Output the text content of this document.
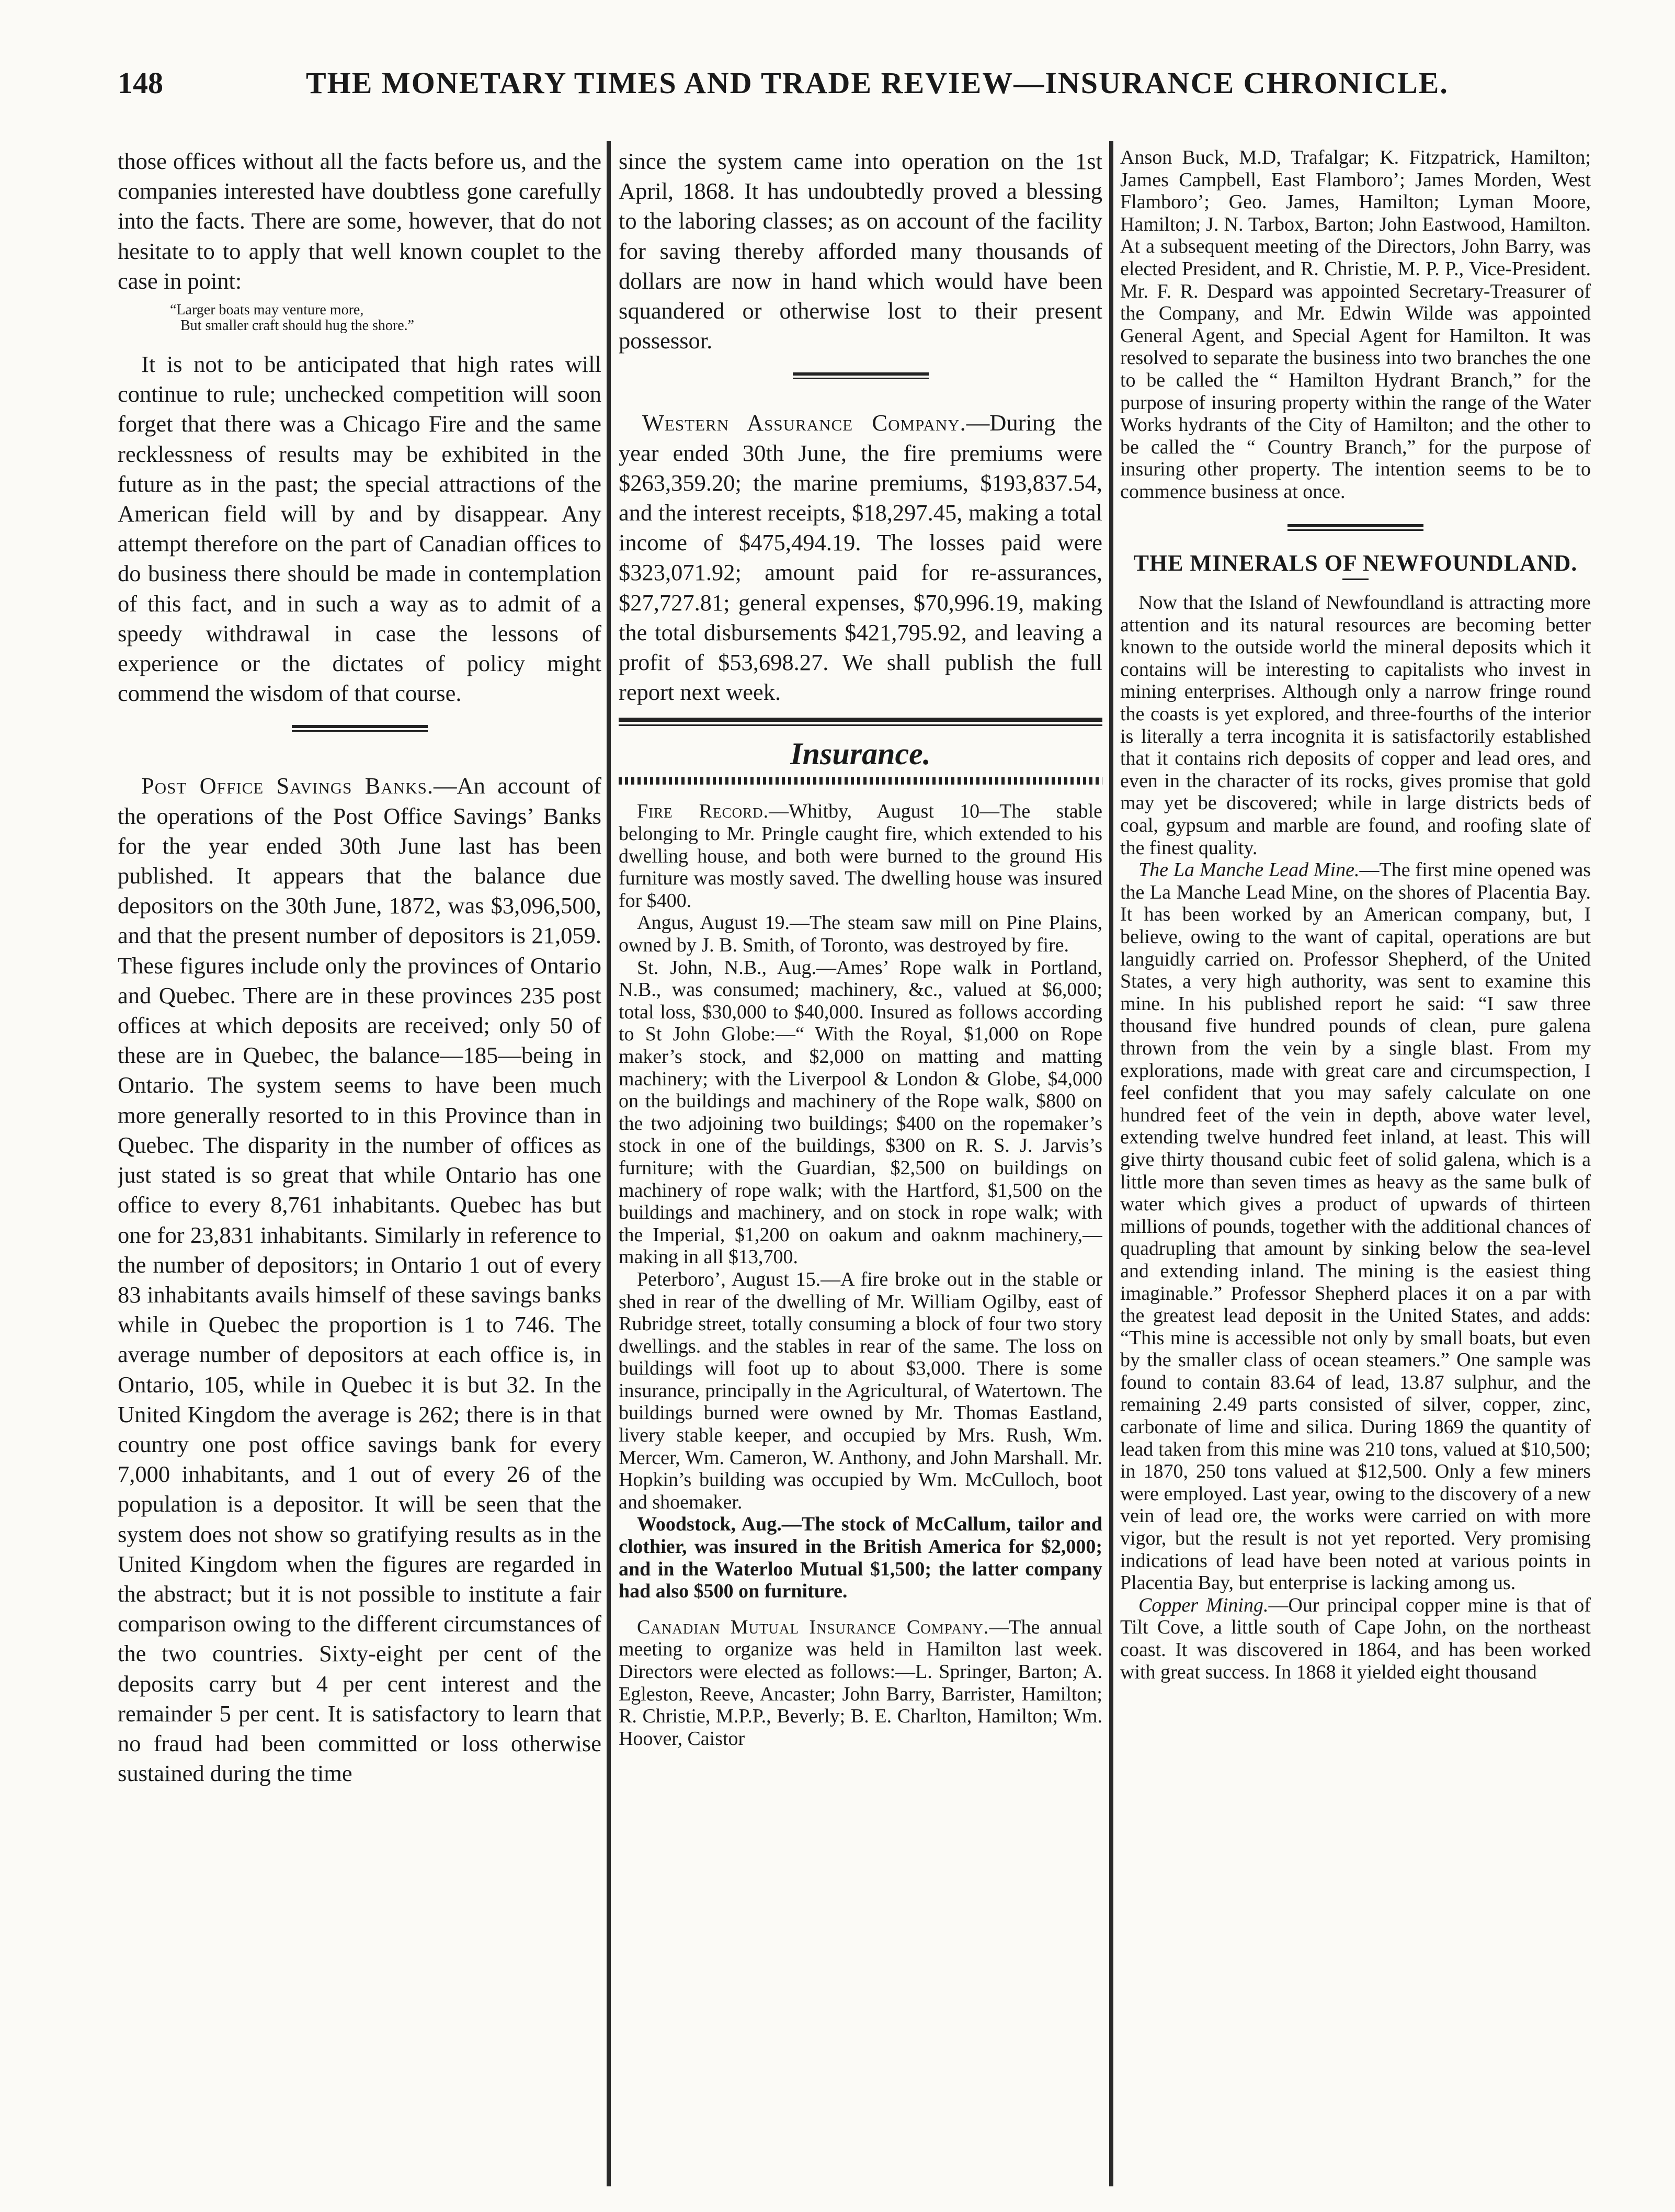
148	THE MONETARY TIMES AND TRADE REVIEW—INSURANCE CHRONICLE.

those offices without all the facts before us, and the companies interested have doubtless gone carefully into the facts. There are some, however, that do not hesitate to to apply that well known couplet to the case in point:

“Larger boats may venture more,
But smaller craft should hug the shore.”

It is not to be anticipated that high rates will continue to rule; unchecked competition will soon forget that there was a Chicago Fire and the same recklessness of results may be exhibited in the future as in the past; the special attractions of the American field will by and by disappear. Any attempt therefore on the part of Canadian offices to do business there should be made in contemplation of this fact, and in such a way as to admit of a speedy withdrawal in case the lessons of experience or the dictates of policy might commend the wisdom of that course.

Post Office Savings Banks.—An account of the operations of the Post Office Savings’ Banks for the year ended 30th June last has been published. It appears that the balance due depositors on the 30th June, 1872, was $3,096,500, and that the present number of depositors is 21,059. These figures include only the provinces of Ontario and Quebec. There are in these provinces 235 post offices at which deposits are received; only 50 of these are in Quebec, the balance—185—being in Ontario. The system seems to have been much more generally resorted to in this Province than in Quebec. The disparity in the number of offices as just stated is so great that while Ontario has one office to every 8,761 inhabitants. Quebec has but one for 23,831 inhabitants. Similarly in reference to the number of depositors; in Ontario 1 out of every 83 inhabitants avails himself of these savings banks while in Quebec the proportion is 1 to 746. The average number of depositors at each office is, in Ontario, 105, while in Quebec it is but 32. In the United Kingdom the average is 262; there is in that country one post office savings bank for every 7,000 inhabitants, and 1 out of every 26 of the population is a depositor. It will be seen that the system does not show so gratifying results as in the United Kingdom when the figures are regarded in the abstract; but it is not possible to institute a fair comparison owing to the different circumstances of the two countries. Sixty-eight per cent of the deposits carry but 4 per cent interest and the remainder 5 per cent. It is satisfactory to learn that no fraud had been committed or loss otherwise sustained during the time

since the system came into operation on the 1st April, 1868. It has undoubtedly proved a blessing to the laboring classes; as on account of the facility for saving thereby afforded many thousands of dollars are now in hand which would have been squandered or otherwise lost to their present possessor.

Western Assurance Company.—During the year ended 30th June, the fire premiums were $263,359.20; the marine premiums, $193,837.54, and the interest receipts, $18,297.45, making a total income of $475,494.19. The losses paid were $323,071.92; amount paid for re-assurances, $27,727.81; general expenses, $70,996.19, making the total disbursements $421,795.92, and leaving a profit of $53,698.27. We shall publish the full report next week.

Insurance.

Fire Record.—Whitby, August 10—The stable belonging to Mr. Pringle caught fire, which extended to his dwelling house, and both were burned to the ground His furniture was mostly saved. The dwelling house was insured for $400.

Angus, August 19.—The steam saw mill on Pine Plains, owned by J. B. Smith, of Toronto, was destroyed by fire.

St. John, N.B., Aug.—Ames’ Rope walk in Portland, N.B., was consumed; machinery, &c., valued at $6,000; total loss, $30,000 to $40,000. Insured as follows according to St John Globe:—“ With the Royal, $1,000 on Rope maker’s stock, and $2,000 on matting and matting machinery; with the Liverpool & London & Globe, $4,000 on the buildings and machinery of the Rope walk, $800 on the two adjoining two buildings; $400 on the ropemaker’s stock in one of the buildings, $300 on R. S. J. Jarvis’s furniture; with the Guardian, $2,500 on buildings on machinery of rope walk; with the Hartford, $1,500 on the buildings and machinery, and on stock in rope walk; with the Imperial, $1,200 on oakum and oaknm machinery,—making in all $13,700.

Peterboro’, August 15.—A fire broke out in the stable or shed in rear of the dwelling of Mr. William Ogilby, east of Rubridge street, totally consuming a block of four two story dwellings. and the stables in rear of the same. The loss on buildings will foot up to about $3,000. There is some insurance, principally in the Agricultural, of Watertown. The buildings burned were owned by Mr. Thomas Eastland, livery stable keeper, and occupied by Mrs. Rush, Wm. Mercer, Wm. Cameron, W. Anthony, and John Marshall. Mr. Hopkin’s building was occupied by Wm. McCulloch, boot and shoemaker.

Woodstock, Aug.—The stock of McCallum, tailor and clothier, was insured in the British America for $2,000; and in the Waterloo Mutual $1,500; the latter company had also $500 on furniture.

Canadian Mutual Insurance Company.—The annual meeting to organize was held in Hamilton last week. Directors were elected as follows:—L. Springer, Barton; A. Egleston, Reeve, Ancaster; John Barry, Barrister, Hamilton; R. Christie, M.P.P., Beverly; B. E. Charlton, Hamilton; Wm. Hoover, Caistor

Anson Buck, M.D, Trafalgar; K. Fitzpatrick, Hamilton; James Campbell, East Flamboro’; James Morden, West Flamboro’; Geo. James, Hamilton; Lyman Moore, Hamilton; J. N. Tarbox, Barton; John Eastwood, Hamilton. At a subsequent meeting of the Directors, John Barry, was elected President, and R. Christie, M. P. P., Vice-President. Mr. F. R. Despard was appointed Secretary-Treasurer of the Company, and Mr. Edwin Wilde was appointed General Agent, and Special Agent for Hamilton. It was resolved to separate the business into two branches the one to be called the “ Hamilton Hydrant Branch,” for the purpose of insuring property within the range of the Water Works hydrants of the City of Hamilton; and the other to be called the “ Country Branch,” for the purpose of insuring other property. The intention seems to be to commence business at once.

THE MINERALS OF NEWFOUNDLAND.

Now that the Island of Newfoundland is attracting more attention and its natural resources are becoming better known to the outside world the mineral deposits which it contains will be interesting to capitalists who invest in mining enterprises. Although only a narrow fringe round the coasts is yet explored, and three-fourths of the interior is literally a terra incognita it is satisfactorily established that it contains rich deposits of copper and lead ores, and even in the character of its rocks, gives promise that gold may yet be discovered; while in large districts beds of coal, gypsum and marble are found, and roofing slate of the finest quality.

The La Manche Lead Mine.—The first mine opened was the La Manche Lead Mine, on the shores of Placentia Bay. It has been worked by an American company, but, I believe, owing to the want of capital, operations are but languidly carried on. Professor Shepherd, of the United States, a very high authority, was sent to examine this mine. In his published report he said: “I saw three thousand five hundred pounds of clean, pure galena thrown from the vein by a single blast. From my explorations, made with great care and circumspection, I feel confident that you may safely calculate on one hundred feet of the vein in depth, above water level, extending twelve hundred feet inland, at least. This will give thirty thousand cubic feet of solid galena, which is a little more than seven times as heavy as the same bulk of water which gives a product of upwards of thirteen millions of pounds, together with the additional chances of quadrupling that amount by sinking below the sea-level and extending inland. The mining is the easiest thing imaginable.” Professor Shepherd places it on a par with the greatest lead deposit in the United States, and adds: “This mine is accessible not only by small boats, but even by the smaller class of ocean steamers.” One sample was found to contain 83.64 of lead, 13.87 sulphur, and the remaining 2.49 parts consisted of silver, copper, zinc, carbonate of lime and silica. During 1869 the quantity of lead taken from this mine was 210 tons, valued at $10,500; in 1870, 250 tons valued at $12,500. Only a few miners were employed. Last year, owing to the discovery of a new vein of lead ore, the works were carried on with more vigor, but the result is not yet reported. Very promising indications of lead have been noted at various points in Placentia Bay, but enterprise is lacking among us.

Copper Mining.—Our principal copper mine is that of Tilt Cove, a little south of Cape John, on the northeast coast. It was discovered in 1864, and has been worked with great success. In 1868 it yielded eight thousand
